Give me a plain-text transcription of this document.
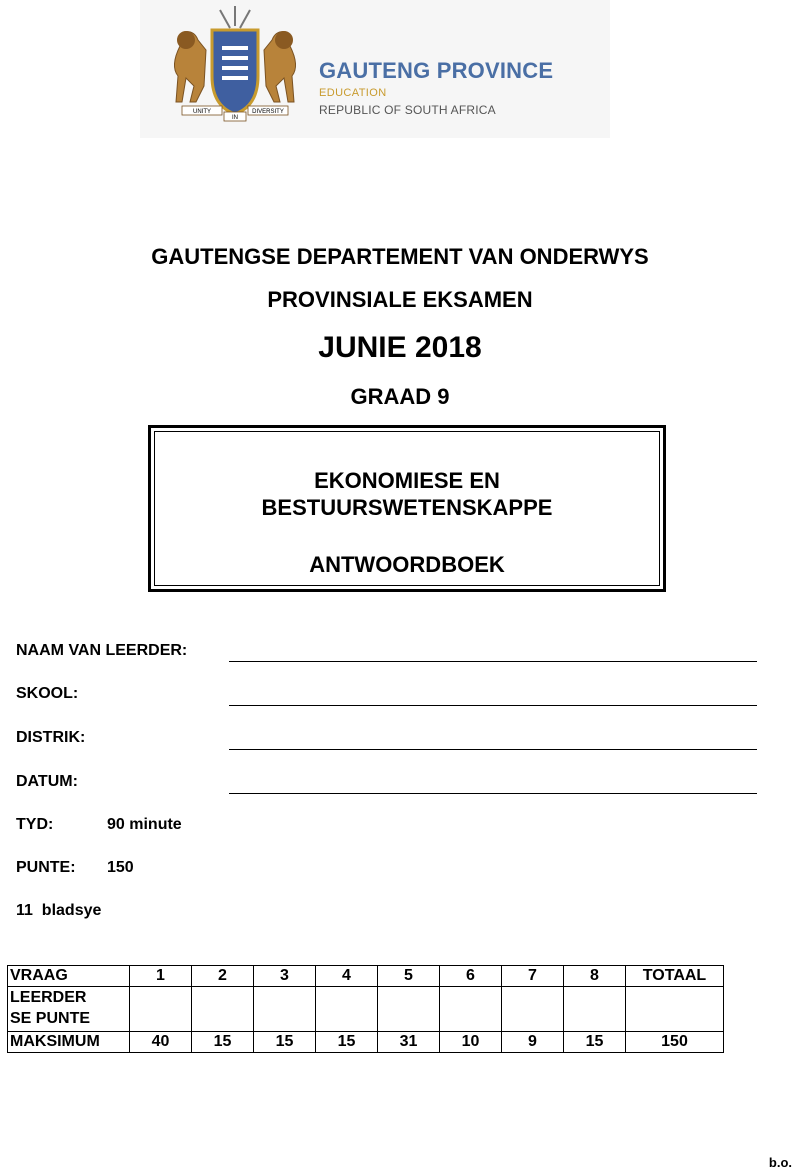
UNITY
IN
DIVERSITY
GAUTENG PROVINCE
EDUCATION
REPUBLIC OF SOUTH AFRICA
GAUTENGSE DEPARTEMENT VAN ONDERWYS
PROVINSIALE EKSAMEN
JUNIE 2018
GRAAD 9
EKONOMIESE EN
BESTUURSWETENSKAPPE
ANTWOORDBOEK
NAAM VAN LEERDER:
SKOOL:
DISTRIK:
DATUM:
TYD:	90 minute
PUNTE: 150
11  bladsye
VRAAG	1	2	3	4	5	6	7	8	TOTAAL
LEERDER
SE PUNTE									
MAKSIMUM	40	15	15	15	31	10	9	15	150
b.o.
